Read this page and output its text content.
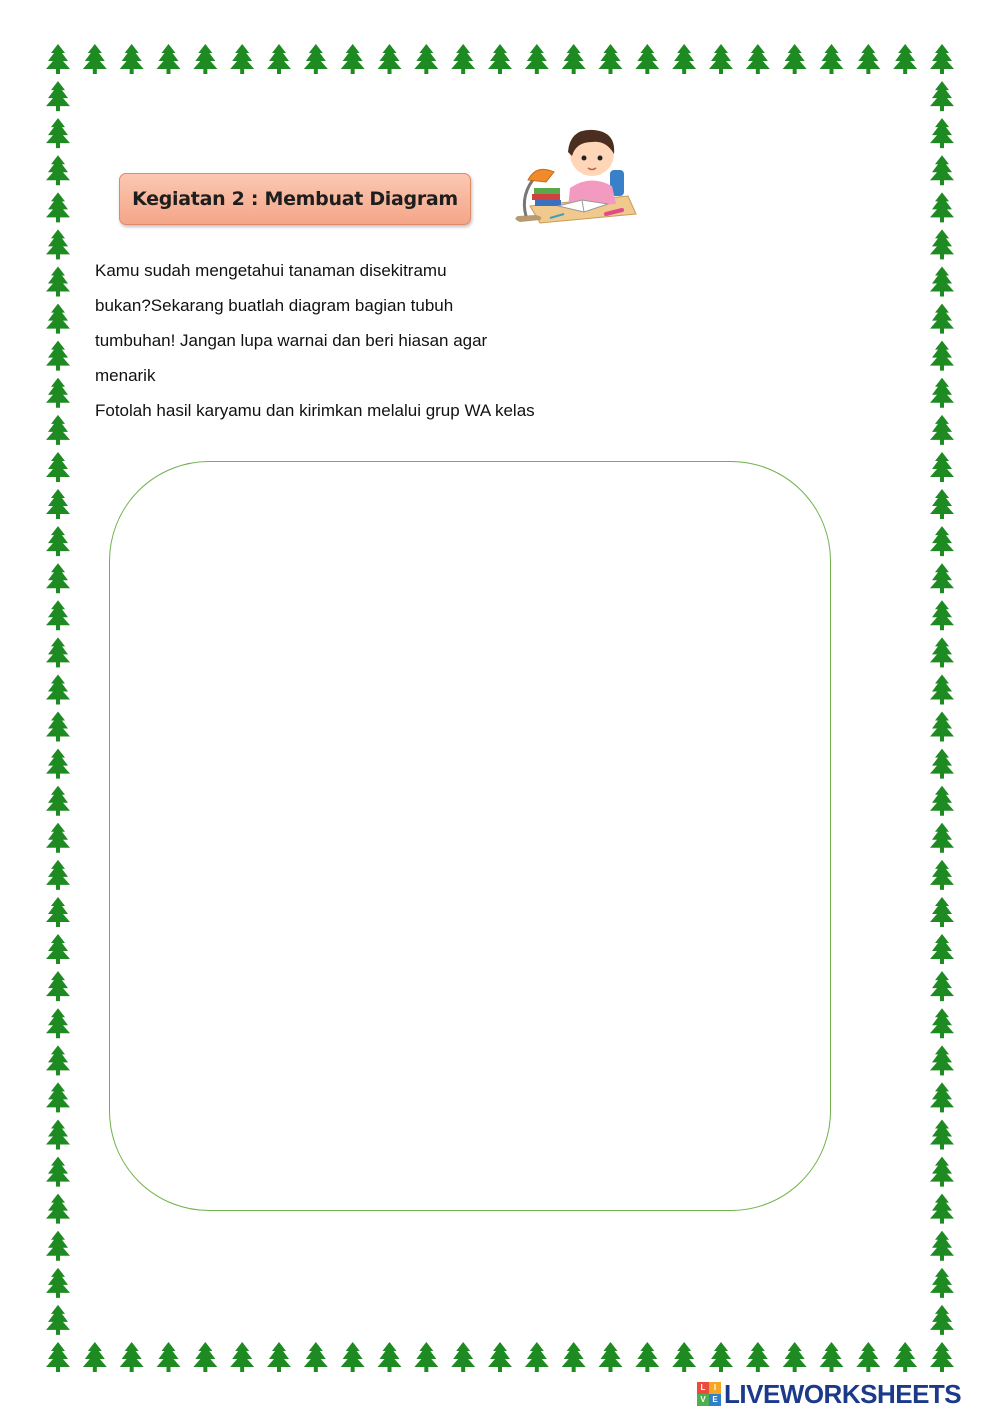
Kegiatan 2 : Membuat Diagram
Kamu sudah mengetahui tanaman disekitramu
bukan?Sekarang buatlah diagram bagian tubuh
tumbuhan! Jangan lupa warnai dan beri hiasan agar
menarik
Fotolah hasil karyamu dan kirimkan melalui grup WA kelas
L	I
V E LIVEWORKSHEETS
